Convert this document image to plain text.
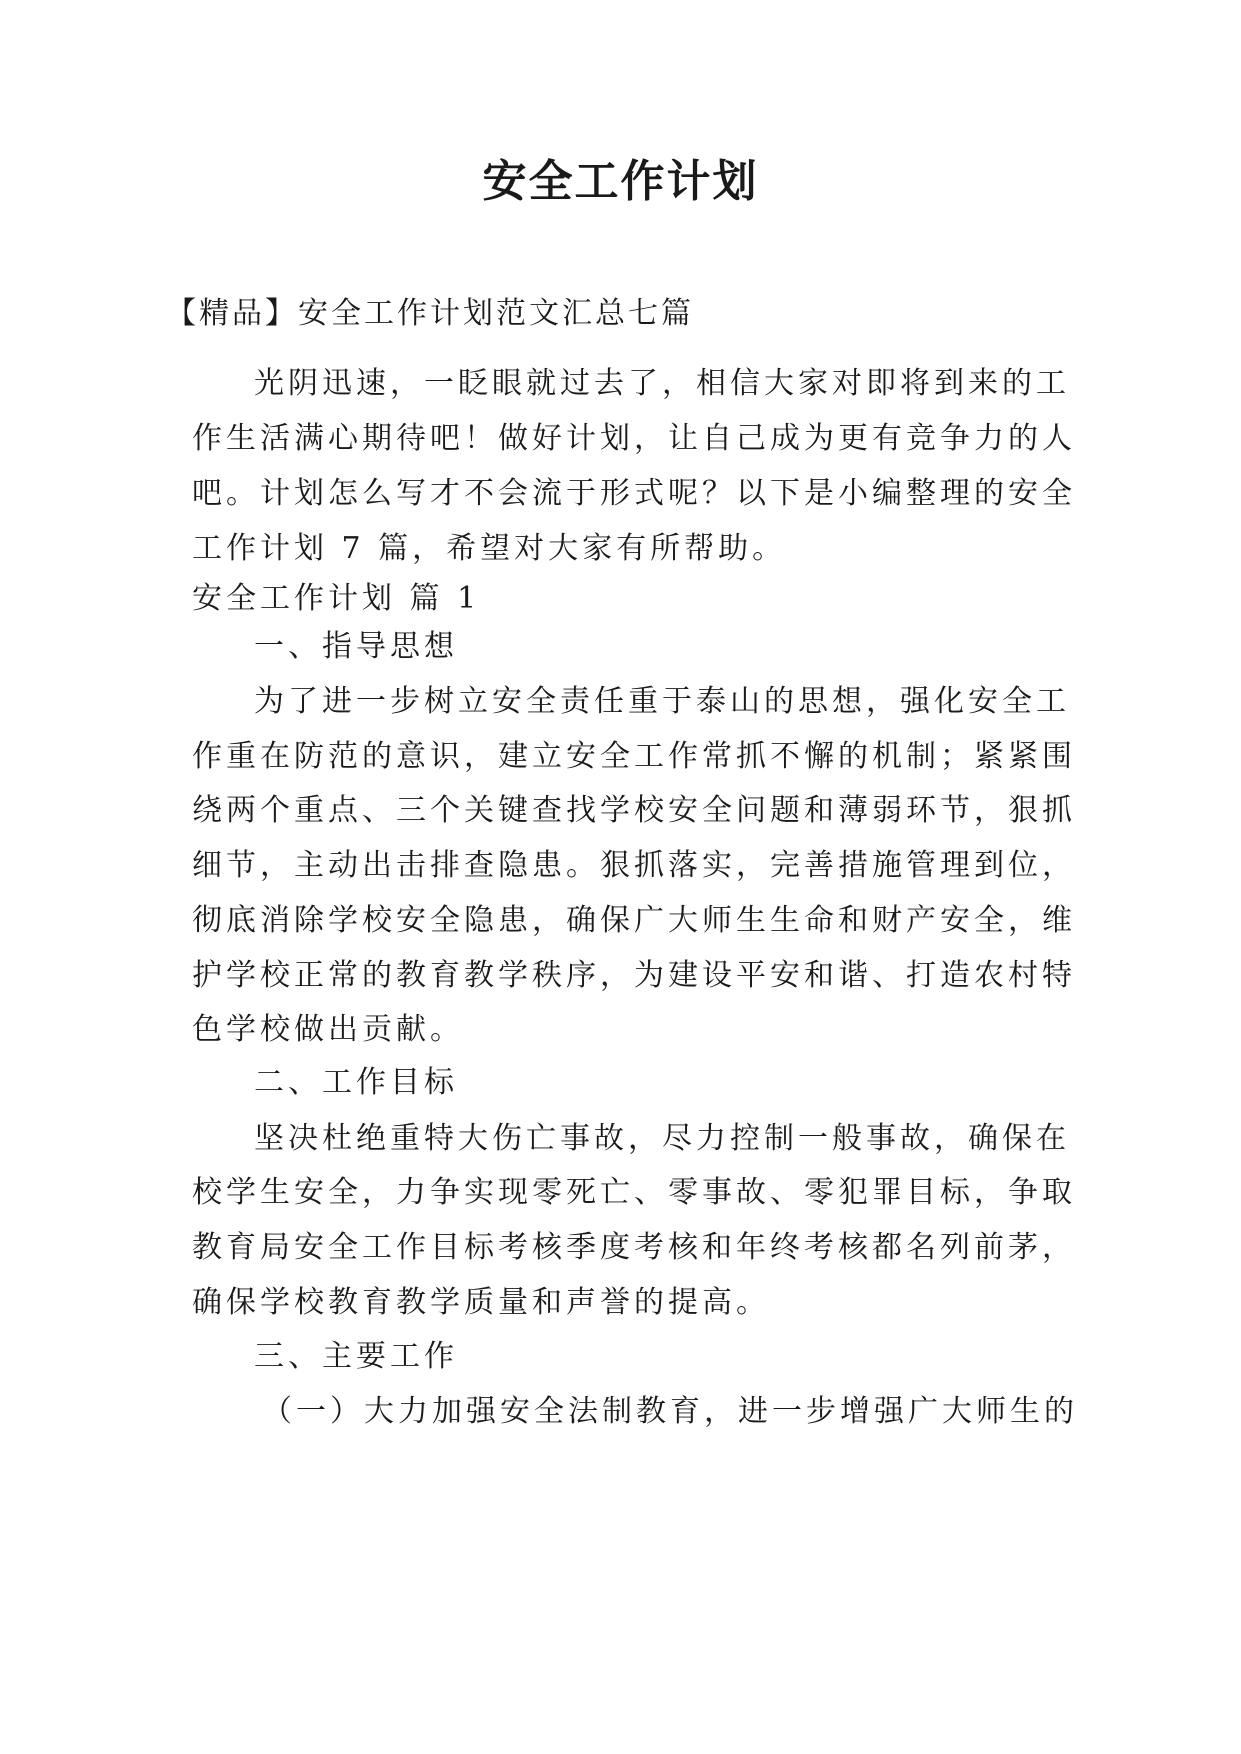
安全工作计划
【精品】安全工作计划范文汇总七篇
光阴迅速，一眨眼就过去了，相信大家对即将到来的工
作生活满心期待吧！做好计划，让自己成为更有竞争力的人
吧。计划怎么写才不会流于形式呢？以下是小编整理的安全
工作计划 7 篇，希望对大家有所帮助。
安全工作计划 篇 1
一、指导思想
为了进一步树立安全责任重于泰山的思想，强化安全工
作重在防范的意识，建立安全工作常抓不懈的机制；紧紧围
绕两个重点、三个关键查找学校安全问题和薄弱环节，狠抓
细节，主动出击排查隐患。狠抓落实，完善措施管理到位，
彻底消除学校安全隐患，确保广大师生生命和财产安全，维
护学校正常的教育教学秩序，为建设平安和谐、打造农村特
色学校做出贡献。
二、工作目标
坚决杜绝重特大伤亡事故，尽力控制一般事故，确保在
校学生安全，力争实现零死亡、零事故、零犯罪目标，争取
教育局安全工作目标考核季度考核和年终考核都名列前茅，
确保学校教育教学质量和声誉的提高。
三、主要工作
（一）大力加强安全法制教育，进一步增强广大师生的
